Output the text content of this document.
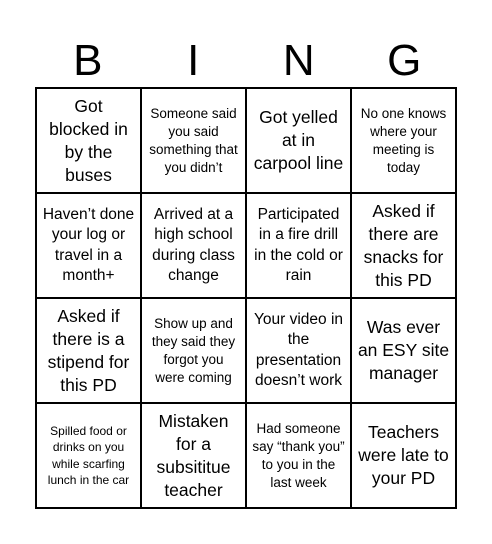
B	I	N	G
Got blocked in by the buses
Someone said you said something that you didn’t
Got yelled at in carpool line
No one knows where your meeting is today
Haven’t done your log or travel in a month+
Arrived at a high school during class change
Participated in a fire drill in the cold or rain
Asked if there are snacks for this PD
Asked if there is a stipend for this PD
Show up and they said they forgot you were coming
Your video in the presentation doesn’t work
Was ever an ESY site manager
Spilled food or drinks on you while scarfing lunch in the car
Mistaken for a subsititue teacher
Had someone say “thank you” to you in the last week
Teachers were late to your PD
